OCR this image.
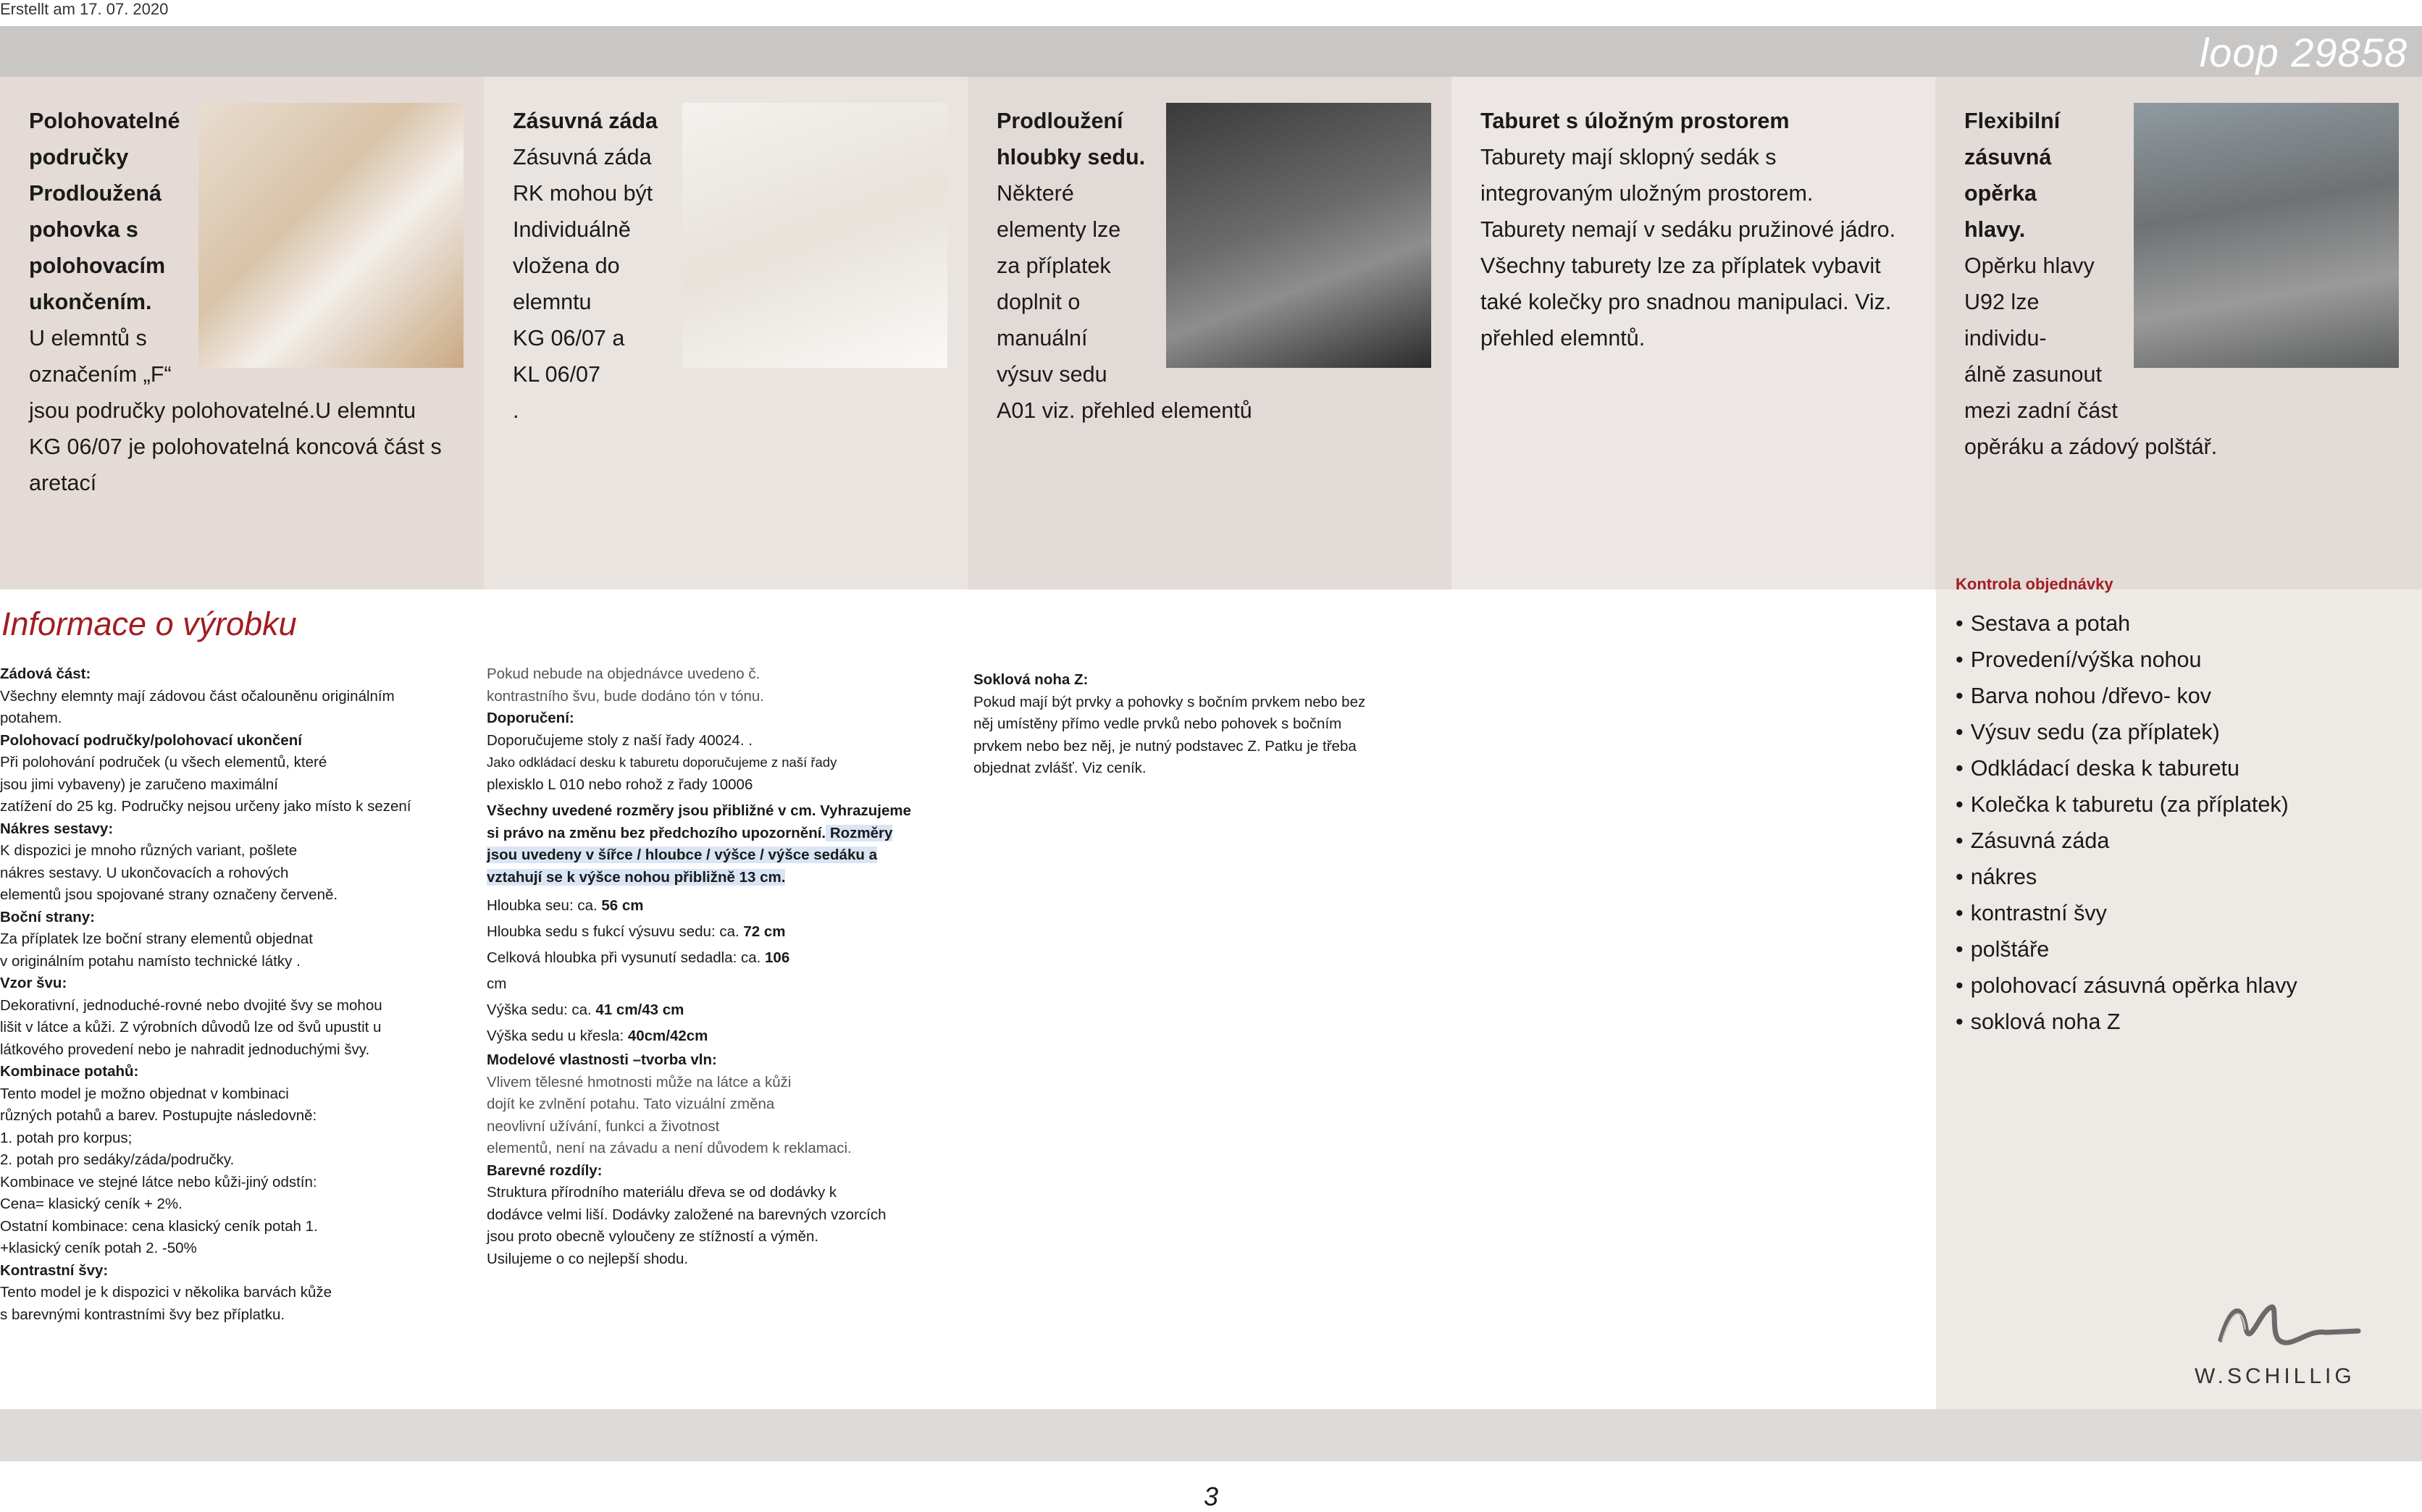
Erstellt am 17. 07. 2020
loop 29858

Polohovatelné

područky

Prodloužená

pohovka s

polohovacím

ukončením.

U elemntů s

označením „F“

jsou područky polohovatelné.U elemntu

KG 06/07 je polohovatelná koncová část s

aretací

Zásuvná záda

Zásuvná záda

RK mohou být

Individuálně

vložena do

elemntu

KG 06/07 a

KL 06/07

.

Prodloužení

hloubky sedu.

Některé

elementy lze

za příplatek

doplnit o

manuální

výsuv sedu

A01 viz. přehled elementů

Taburet s úložným prostorem

Taburety mají sklopný sedák s

integrovaným uložným prostorem.

Taburety nemají v sedáku pružinové jádro.

Všechny taburety lze za příplatek vybavit

také kolečky pro snadnou manipulaci. Viz.

přehled elemntů.

Flexibilní

zásuvná

opěrka

hlavy.

Opěrku hlavy

U92 lze individu-

álně zasunout

mezi zadní část

opěráku a zádový polštář.

Informace o výrobku

Zádová část:

Všechny elemnty mají zádovou část očalouněnu originálním

potahem.

Polohovací područky/polohovací ukončení

Při polohování područek (u všech elementů, které

jsou jimi vybaveny) je zaručeno maximální

zatížení do 25 kg. Područky nejsou určeny jako místo k sezení

Nákres sestavy:

K dispozici je mnoho různých variant, pošlete

nákres sestavy. U ukončovacích a rohových

elementů jsou spojované strany označeny červeně.

Boční strany:

Za příplatek lze boční strany elementů objednat

v originálním potahu namísto technické látky .

Vzor švu:

Dekorativní, jednoduché-rovné nebo dvojité švy se mohou

lišit v látce a kůži. Z výrobních důvodů lze od švů upustit u

látkového provedení nebo je nahradit jednoduchými švy.

Kombinace potahů:

Tento model je možno objednat v kombinaci

různých potahů a barev. Postupujte následovně:

1. potah pro korpus;

2. potah pro sedáky/záda/područky.

Kombinace ve stejné látce nebo kůži-jiný odstín:

Cena= klasický ceník + 2%.

Ostatní kombinace: cena klasický ceník potah 1.

+klasický ceník potah 2. -50%

Kontrastní švy:

Tento model je k dispozici v několika barvách kůže

s barevnými kontrastními švy bez příplatku.

Pokud nebude na objednávce uvedeno č.

kontrastního švu, bude dodáno tón v tónu.

Doporučení:

Doporučujeme stoly z naší řady 40024. .

Jako odkládací desku k taburetu doporučujeme z naší řady

plexisklo L 010 nebo rohož z řady 10006

Všechny uvedené rozměry jsou přibližné v cm. Vyhrazujeme

si právo na změnu bez předchozího upozornění. Rozměry

jsou uvedeny v šířce / hloubce / výšce / výšce sedáku a

vztahují se k výšce nohou přibližně 13 cm.

Hloubka seu: ca. 56 cm

Hloubka sedu s fukcí výsuvu sedu: ca. 72 cm

Celková hloubka při vysunutí sedadla: ca. 106

cm

Výška sedu: ca. 41 cm/43 cm

Výška sedu u křesla: 40cm/42cm

Modelové vlastnosti –tvorba vln:

Vlivem tělesné hmotnosti může na látce a kůži

dojít ke zvlnění potahu. Tato vizuální změna

neovlivní užívání, funkci a životnost

elementů, není na závadu a není důvodem k reklamaci.

Barevné rozdíly:

Struktura přírodního materiálu dřeva se od dodávky k

dodávce velmi liší. Dodávky založené na barevných vzorcích

jsou proto obecně vyloučeny ze stížností a výměn.

Usilujeme o co nejlepší shodu.

Soklová noha Z:

Pokud mají být prvky a pohovky s bočním prvkem nebo bez

něj umístěny přímo vedle prvků nebo pohovek s bočním

prvkem nebo bez něj, je nutný podstavec Z. Patku je třeba

objednat zvlášť. Viz ceník.

Kontrola objednávky
• Sestava a potah
• Provedení/výška nohou
• Barva nohou /dřevo- kov
• Výsuv sedu (za příplatek)
• Odkládací deska k taburetu
• Kolečka k taburetu (za příplatek)
• Zásuvná záda
• nákres
• kontrastní švy
• polštáře
• polohovací zásuvná opěrka hlavy
• soklová noha Z
W.SCHILLIG
3
